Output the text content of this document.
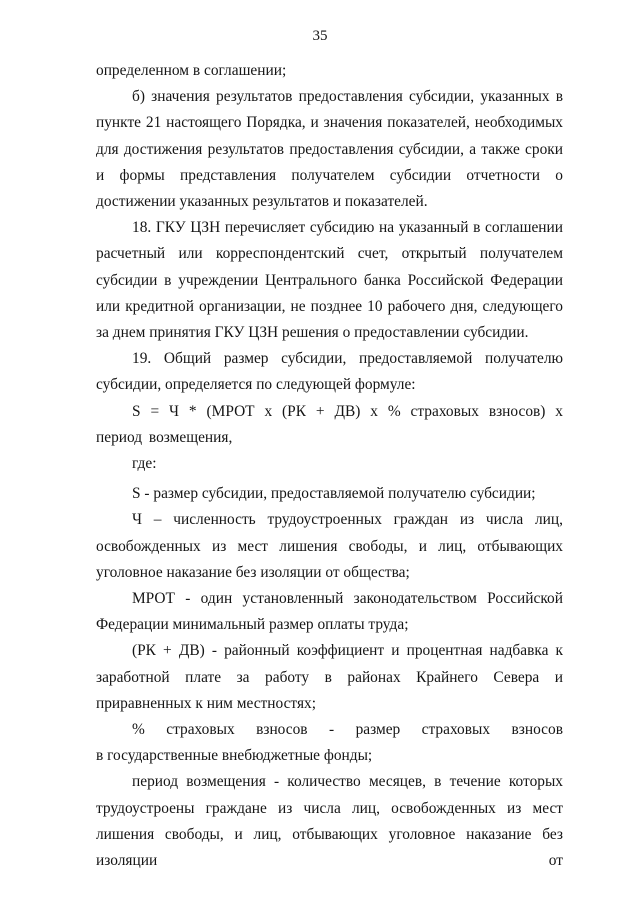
35

определенном в соглашении;

б) значения результатов предоставления субсидии, указанных в пункте 21 настоящего Порядка, и значения показателей, необходимых для достижения результатов предоставления субсидии, а также сроки и формы представления получателем субсидии отчетности о достижении указанных результатов и показателей.

18. ГКУ ЦЗН перечисляет субсидию на указанный в соглашении расчетный или корреспондентский счет, открытый получателем субсидии в учреждении Центрального банка Российской Федерации или кредитной организации, не позднее 10 рабочего дня, следующего за днем принятия ГКУ ЦЗН решения о предоставлении субсидии.

19. Общий размер субсидии, предоставляемой получателю субсидии, определяется по следующей формуле:

S = Ч * (МРОТ х (РК + ДВ) х % страховых взносов) х период возмещения,

где:

S - размер субсидии, предоставляемой получателю субсидии;

Ч – численность трудоустроенных граждан из числа лиц, освобожденных из мест лишения свободы, и лиц, отбывающих уголовное наказание без изоляции от общества;

МРОТ - один установленный законодательством Российской Федерации минимальный размер оплаты труда;

(РК + ДВ) - районный коэффициент и процентная надбавка к заработной плате за работу в районах Крайнего Севера и приравненных к ним местностях;

% страховых взносов - размер страховых взносов

в государственные внебюджетные фонды;

период возмещения - количество месяцев, в течение которых трудоустроены граждане из числа лиц, освобожденных из мест лишения свободы, и лиц, отбывающих уголовное наказание без изоляции от
